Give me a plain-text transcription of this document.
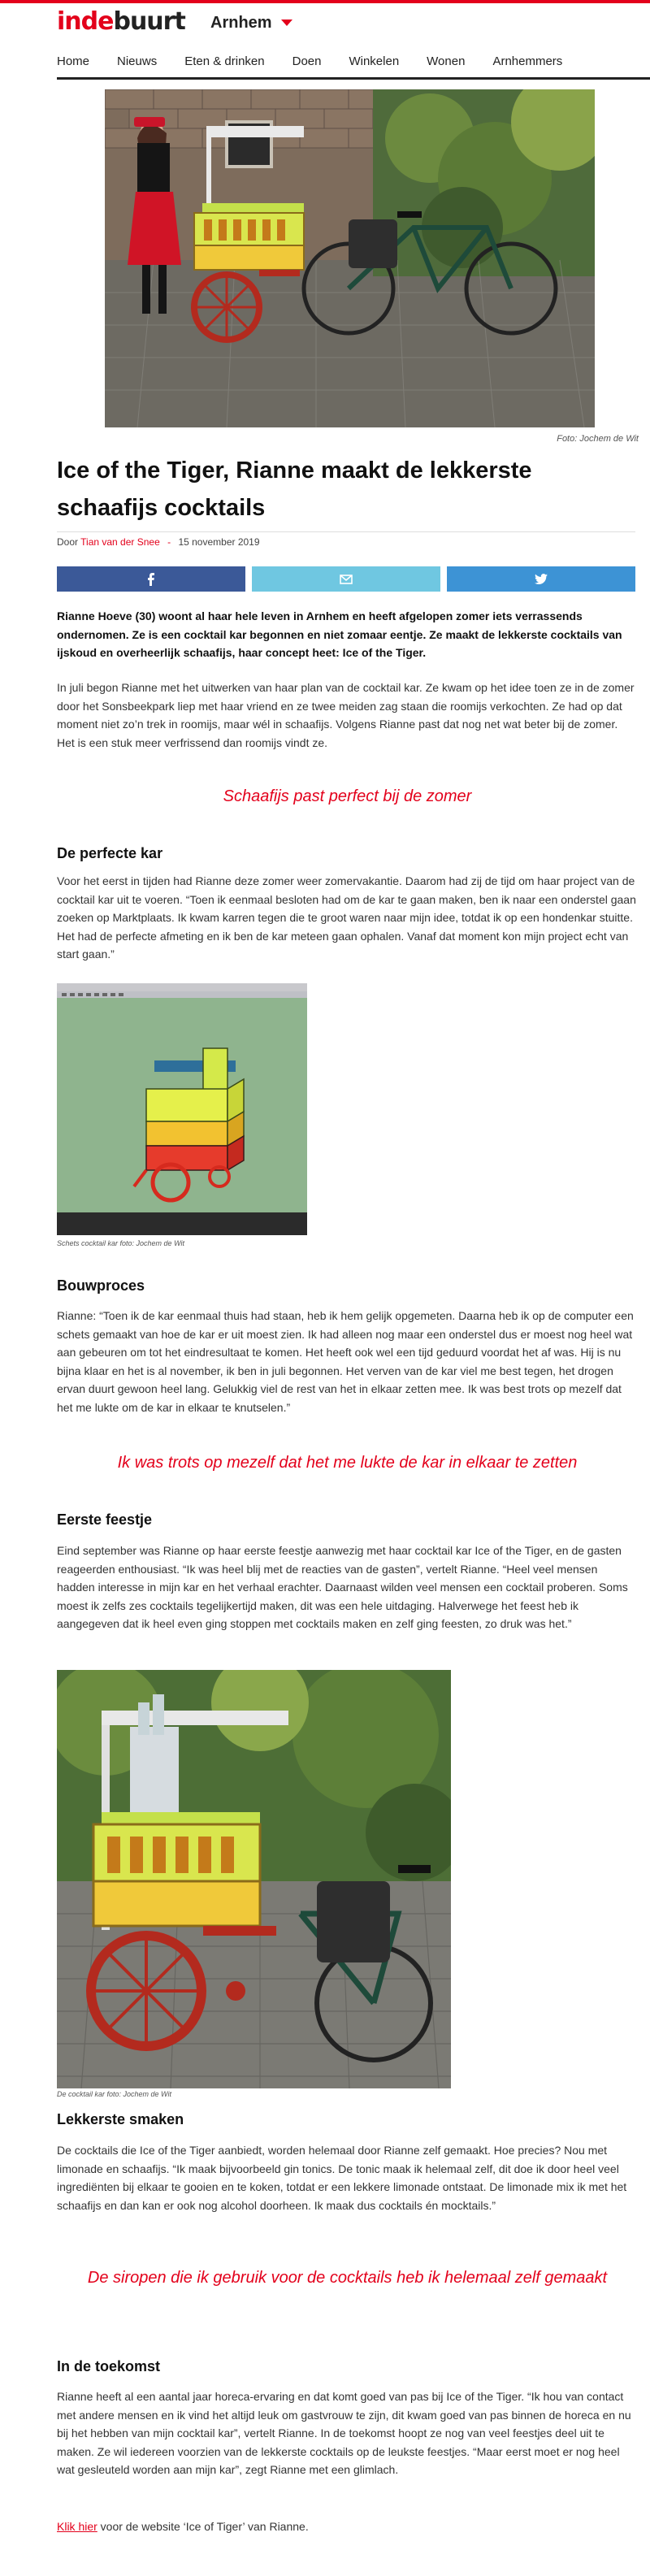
indebuurt Arnhem
Home Nieuws Eten & drinken Doen Winkelen Wonen Arnhemmers
Foto: Jochem de Wit
Ice of the Tiger, Rianne maakt de lekkerste schaafijs cocktails
Door Tian van der Snee - 15 november 2019
Rianne Hoeve (30) woont al haar hele leven in Arnhem en heeft afgelopen zomer iets verrassends ondernomen. Ze is een cocktail kar begonnen en niet zomaar eentje. Ze maakt de lekkerste cocktails van ijskoud en overheerlijk schaafijs, haar concept heet: Ice of the Tiger.
In juli begon Rianne met het uitwerken van haar plan van de cocktail kar. Ze kwam op het idee toen ze in de zomer door het Sonsbeekpark liep met haar vriend en ze twee meiden zag staan die roomijs verkochten. Ze had op dat moment niet zo’n trek in roomijs, maar wél in schaafijs. Volgens Rianne past dat nog net wat beter bij de zomer. Het is een stuk meer verfrissend dan roomijs vindt ze.
Schaafijs past perfect bij de zomer
De perfecte kar
Voor het eerst in tijden had Rianne deze zomer weer zomervakantie. Daarom had zij de tijd om haar project van de cocktail kar uit te voeren. “Toen ik eenmaal besloten had om de kar te gaan maken, ben ik naar een onderstel gaan zoeken op Marktplaats. Ik kwam karren tegen die te groot waren naar mijn idee, totdat ik op een hondenkar stuitte. Het had de perfecte afmeting en ik ben de kar meteen gaan ophalen. Vanaf dat moment kon mijn project echt van start gaan.”
Schets cocktail kar foto: Jochem de Wit
Bouwproces
Rianne: “Toen ik de kar eenmaal thuis had staan, heb ik hem gelijk opgemeten. Daarna heb ik op de computer een schets gemaakt van hoe de kar er uit moest zien. Ik had alleen nog maar een onderstel dus er moest nog heel wat aan gebeuren om tot het eindresultaat te komen. Het heeft ook wel een tijd geduurd voordat het af was. Hij is nu bijna klaar en het is al november, ik ben in juli begonnen. Het verven van de kar viel me best tegen, het drogen ervan duurt gewoon heel lang. Gelukkig viel de rest van het in elkaar zetten mee. Ik was best trots op mezelf dat het me lukte om de kar in elkaar te knutselen.”
Ik was trots op mezelf dat het me lukte de kar in elkaar te zetten
Eerste feestje
Eind september was Rianne op haar eerste feestje aanwezig met haar cocktail kar Ice of the Tiger, en de gasten reageerden enthousiast. “Ik was heel blij met de reacties van de gasten”, vertelt Rianne. “Heel veel mensen hadden interesse in mijn kar en het verhaal erachter. Daarnaast wilden veel mensen een cocktail proberen. Soms moest ik zelfs zes cocktails tegelijkertijd maken, dit was een hele uitdaging. Halverwege het feest heb ik aangegeven dat ik heel even ging stoppen met cocktails maken en zelf ging feesten, zo druk was het.”
De cocktail kar foto: Jochem de Wit
Lekkerste smaken
De cocktails die Ice of the Tiger aanbiedt, worden helemaal door Rianne zelf gemaakt. Hoe precies? Nou met limonade en schaafijs. “Ik maak bijvoorbeeld gin tonics. De tonic maak ik helemaal zelf, dit doe ik door heel veel ingrediënten bij elkaar te gooien en te koken, totdat er een lekkere limonade ontstaat. De limonade mix ik met het schaafijs en dan kan er ook nog alcohol doorheen. Ik maak dus cocktails én mocktails.”
De siropen die ik gebruik voor de cocktails heb ik helemaal zelf gemaakt
In de toekomst
Rianne heeft al een aantal jaar horeca-ervaring en dat komt goed van pas bij Ice of the Tiger. “Ik hou van contact met andere mensen en ik vind het altijd leuk om gastvrouw te zijn, dit kwam goed van pas binnen de horeca en nu bij het hebben van mijn cocktail kar”, vertelt Rianne. In de toekomst hoopt ze nog van veel feestjes deel uit te maken. Ze wil iedereen voorzien van de lekkerste cocktails op de leukste feestjes. “Maar eerst moet er nog heel wat gesleuteld worden aan mijn kar”, zegt Rianne met een glimlach.
Klik hier voor de website ‘Ice of Tiger’ van Rianne.
